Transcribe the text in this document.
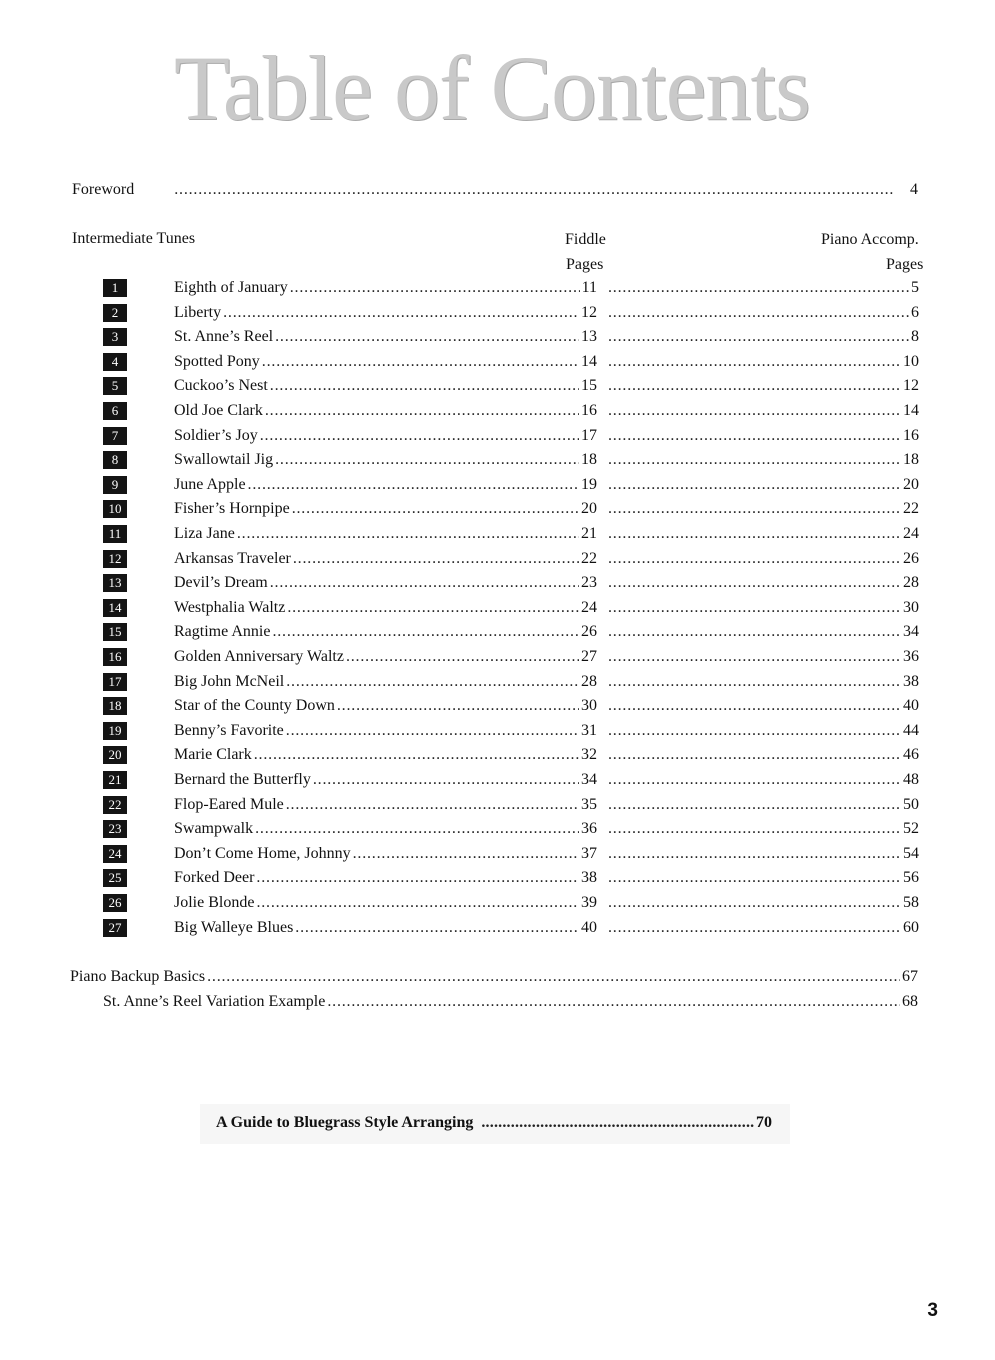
Table of Contents
Foreword . . .	4
Intermediate Tunes	Fiddle
Pages
Piano Accomp.
Pages
1	Eighth of January . . .	11 . . .	5
2	Liberty . . .	12 . . .	6
3	St. Anne’s Reel . . .	13 . . .	8
4	Spotted Pony . . .	14 . . .	10
5	Cuckoo’s Nest . . .	15 . . .	12
6	Old Joe Clark . . .	16 . . .	14
7	Soldier’s Joy . . .	17 . . .	16
8	Swallowtail Jig . . .	18 . . .	18
9	June Apple . . .	19 . . .	20
10	Fisher’s Hornpipe . . .	20 . . .	22
11	Liza Jane . . .	21 . . .	24
12	Arkansas Traveler . . .	22 . . .	26
13	Devil’s Dream . . .	23 . . .	28
14	Westphalia Waltz . . .	24 . . .	30
15	Ragtime Annie . . .	26 . . .	34
16	Golden Anniversary Waltz . . .	27 . . .	36
17	Big John McNeil . . .	28 . . .	38
18	Star of the County Down . . .	30 . . .	40
19	Benny’s Favorite . . .	31 . . .	44
20	Marie Clark . . .	32 . . .	46
21	Bernard the Butterfly . . .	34 . . .	48
22	Flop-Eared Mule . . .	35 . . .	50
23	Swampwalk . . .	36 . . .	52
24	Don’t Come Home, Johnny . . .	37 . . .	54
25	Forked Deer . . .	38 . . .	56
26	Jolie Blonde . . .	39 . . .	58
27	Big Walleye Blues . . .	40 . . .	60
Piano Backup Basics . . .	67
St. Anne’s Reel Variation Example . . .	68
A Guide to Bluegrass Style Arranging . . .	70
3
